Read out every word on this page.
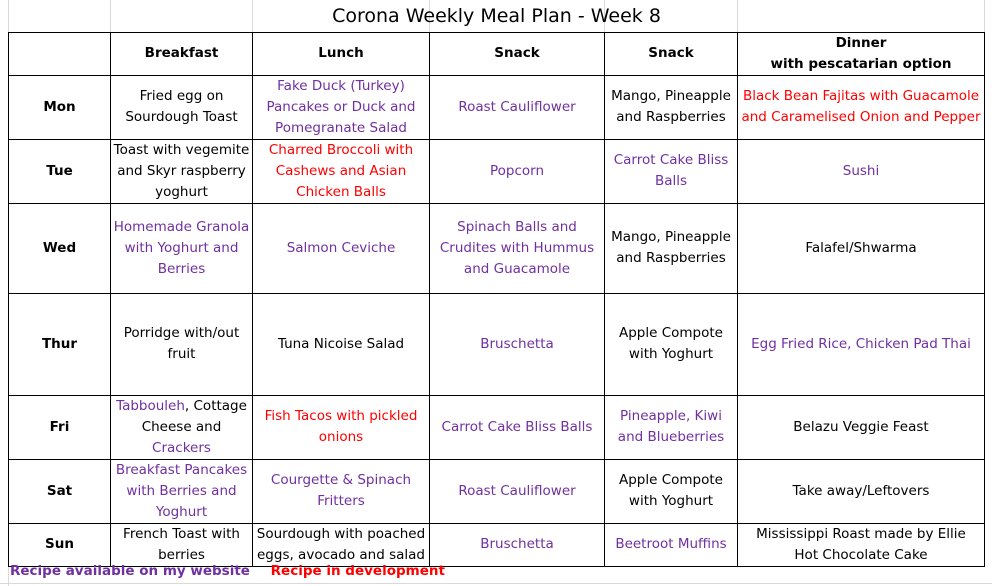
Corona Weekly Meal Plan - Week 8					
	Breakfast	Lunch	Snack	Snack	Dinner
with pescatarian option
Mon	Fried egg on Sourdough Toast	Fake Duck (Turkey) Pancakes or Duck and Pomegranate Salad	Roast Cauliflower	Mango, Pineapple and Raspberries	Black Bean Fajitas with Guacamole and Caramelised Onion and Pepper
Tue	Toast with vegemite and Skyr raspberry yoghurt	Charred Broccoli with Cashews and Asian Chicken Balls	Popcorn	Carrot Cake Bliss Balls	Sushi
Wed	Homemade Granola with Yoghurt and Berries	Salmon Ceviche	Spinach Balls and Crudites with Hummus and Guacamole	Mango, Pineapple and Raspberries	Falafel/Shwarma
Thur	Porridge with/out fruit	Tuna Nicoise Salad	Bruschetta	Apple Compote with Yoghurt	Egg Fried Rice, Chicken Pad Thai
Fri	Tabbouleh, Cottage Cheese and Crackers	Fish Tacos with pickled onions	Carrot Cake Bliss Balls	Pineapple, Kiwi and Blueberries	Belazu Veggie Feast
Sat	Breakfast Pancakes with Berries and Yoghurt	Courgette & Spinach Fritters	Roast Cauliflower	Apple Compote with Yoghurt	Take away/Leftovers
Sun	French Toast with berries	Sourdough with poached eggs, avocado and salad	Bruschetta	Beetroot Muffins	Mississippi Roast made by Ellie
Hot Chocolate Cake
Recipe available on my website Recipe in development
